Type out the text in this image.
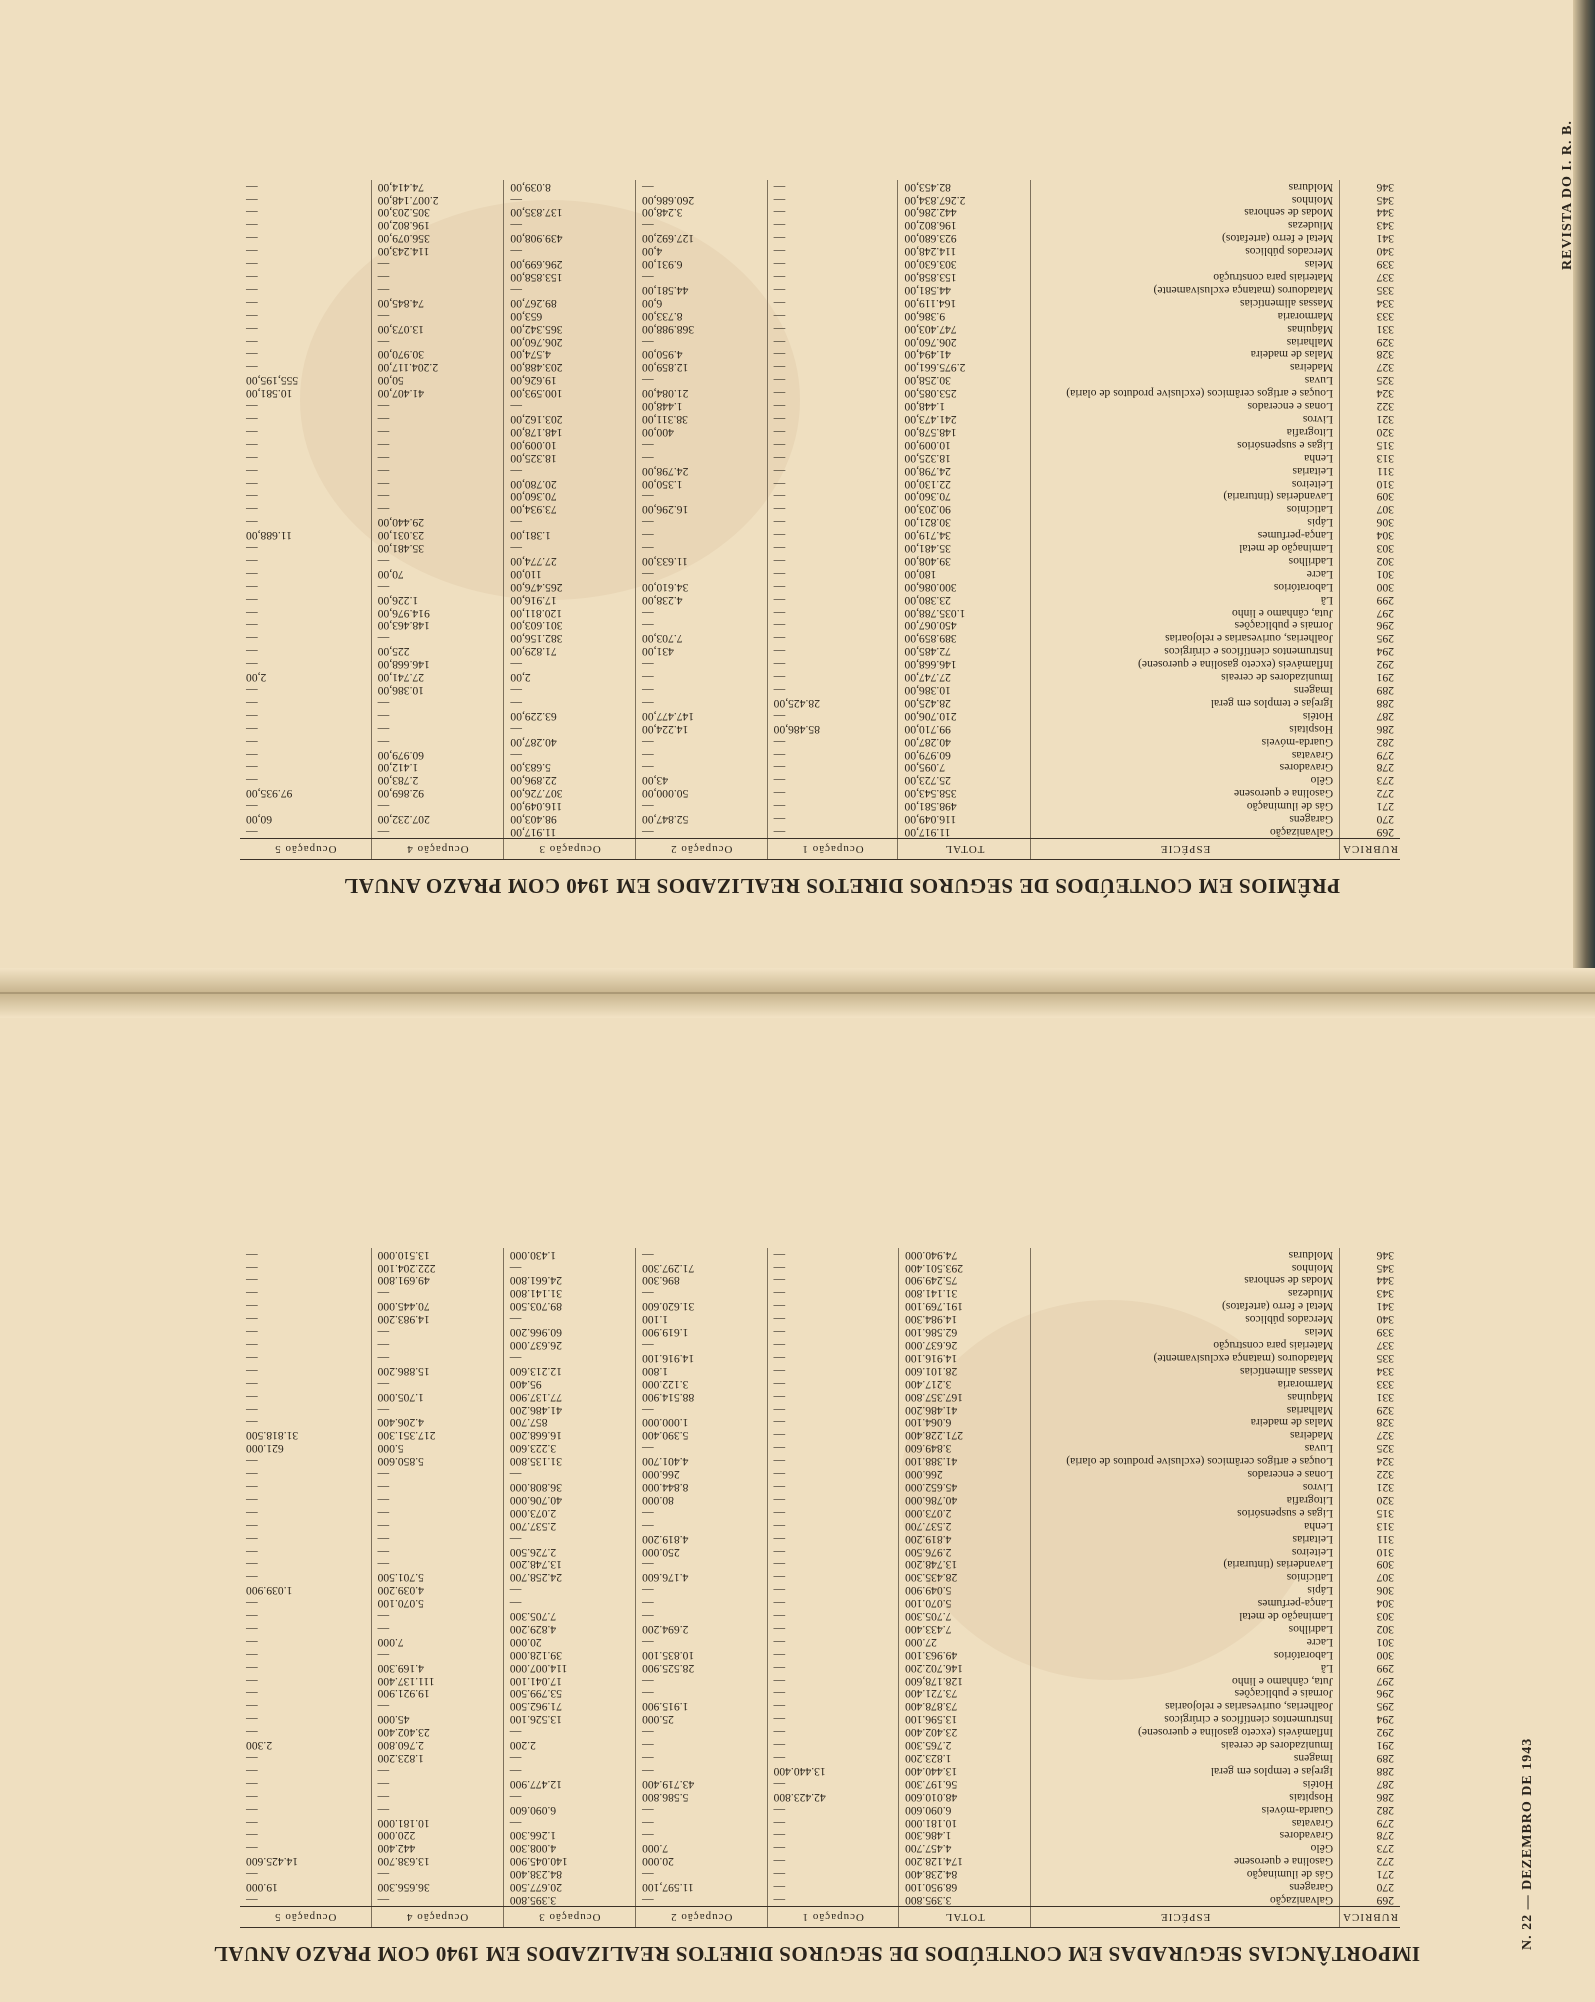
PRÊMIOS EM CONTEÚDOS DE SEGUROS DIRETOS REALIZADOS EM 1940 COM PRAZO ANUAL
RUBRICA	ESPÉCIE	TOTAL	Ocupação 1	Ocupação 2	Ocupação 3	Ocupação 4	Ocupação 5
269	Galvanização	11.917,00	—	—	11.917,00	—	—
270	Garagens	116.049,00	—	52.847,00	98.403,00	207.232,00	60,00
271	Gás de iluminação	498.581,00	—	—	116.049,00	—	—
272	Gasolina e querosene	358.543,00	—	50.000,00	307.726,00	92.869,00	97.935,00
273	Gêlo	25.723,00	—	43,00	22.896,00	2.783,00	—
278	Gravadores	7.095,00	—	—	5.683,00	1.412,00	—
279	Gravatas	60.979,00	—	—	—	60.979,00	—
282	Guarda-móveis	40.287,00	—	—	40.287,00	—	—
286	Hospitais	99.710,00	85.486,00	14.224,00	—	—	—
287	Hotéis	210.706,00	—	147.477,00	63.229,00	—	—
288	Igrejas e templos em geral	28.425,00	28.425,00	—	—	—	—
289	Imagens	10.386,00	—	—	—	10.386,00	—
291	Imunizadores de cereais	27.747,00	—	—	2,00	27.741,00	2,00
292	Inflamáveis (exceto gasolina e querosene)	146.668,00	—	—	—	146.668,00	—
294	Instrumentos científicos e cirúrgicos	72.485,00	—	431,00	71.829,00	225,00	—
295	Joalherias, ourivesarias e relojoarias	389.859,00	—	7.703,00	382.156,00	—	—
296	Jornais e publicações	450.067,00	—	—	301.603,00	148.463,00	—
297	Juta, cânhamo e linho	1.035.788,00	—	—	120.811,00	914.976,00	—
299	Lã	23.380,00	—	4.238,00	17.916,00	1.226,00	—
300	Laboratórios	300.086,00	—	34.610,00	265.476,00	—	—
301	Lacre	180,00	—	—	110,00	70,00	—
302	Ladrilhos	39.408,00	—	11.633,00	27.774,00	—	—
303	Laminação de metal	35.481,00	—	—	—	35.481,00	—
304	Lança-perfumes	34.719,00	—	—	1.381,00	23.031,00	11.688,00
306	Lápis	30.821,00	—	—	—	29.440,00	—
307	Laticínios	90.203,00	—	16.296,00	73.934,00	—	—
309	Lavanderias (tinturaria)	70.360,00	—	—	70.360,00	—	—
310	Leiteiros	22.130,00	—	1.350,00	20.780,00	—	—
311	Leitarias	24.798,00	—	24.798,00	—	—	—
313	Lenha	18.325,00	—	—	18.325,00	—	—
315	Ligas e suspensórios	10.009,00	—	—	10.009,00	—	—
320	Litografia	148.578,00	—	400,00	148.178,00	—	—
321	Livros	241.473,00	—	38.311,00	203.162,00	—	—
322	Lonas e encerados	1.448,00	—	1.448,00	—	—	—
324	Louças e artigos cerâmicos (exclusive produtos de olaria)	253.085,00	—	21.084,00	100.593,00	41.407,00	10.581,00
325	Luvas	30.258,00	—	—	19.626,00	50,00	555,195,00
327	Madeiras	2.975.661,00	—	12.859,00	203.488,00	2.204.117,00	—
328	Malas de madeira	41.494,00	—	4.950,00	4.574,00	30.970,00	—
329	Malharias	206.760,00	—	—	206.760,00	—	—
331	Máquinas	747.403,00	—	368.988,00	365.342,00	13.073,00	—
333	Marmoraria	9.386,00	—	8.733,00	653,00	—	—
334	Massas alimentícias	164.119,00	—	6,00	89.267,00	74.845,00	—
335	Matadouros (matança exclusivamente)	44.581,00	—	44.581,00	—	—	—
337	Materiais para construção	153.858,00	—	—	153.858,00	—	—
339	Meias	303.630,00	—	6.931,00	296.699,00	—	—
340	Mercados públicos	114.248,00	—	4,00	—	114.243,00	—
341	Metal e ferro (artefatos)	923.680,00	—	127.692,00	439.908,00	356.079,00	—
343	Miudezas	196.802,00	—	—	—	196.802,00	—
344	Modas de senhoras	442.286,00	—	3.248,00	137.835,00	305.203,00	—
345	Moinhos	2.267.834,00	—	260.686,00	—	2.007.148,00	—
346	Molduras	82.453,00	—	—	8.039,00	74.414,00	—	REVISTA DO I. R. B.
IMPORTÂNCIAS SEGURADAS EM CONTEÚDOS DE SEGUROS DIRETOS REALIZADOS EM 1940 COM PRAZO ANUAL
RUBRICA	ESPÉCIE	TOTAL	Ocupação 1	Ocupação 2	Ocupação 3	Ocupação 4	Ocupação 5
269	Galvanização	3.395.800	—	—	3.395.800	—	—
270	Garagens	68.950.100	—	11.597,100	20.677.500	36.656.300	19.000
271	Gás de iluminação	84.238.400	—	—	84.238.400	—	—
272	Gasolina e querosene	174.128.200	—	20.000	140.045.900	13.638.700	14.425.600
273	Gêlo	4.457.700	—	7.000	4.008.300	442.400	—
278	Gravadores	1.486.300	—	—	1.266.300	220.000	—
279	Gravatas	10.181.000	—	—	—	10.181.000	—
282	Guarda-móveis	6.090.600	—	—	6.090.600	—	—
286	Hospitais	48.010.600	42.423.800	5.586.800	—	—	—
287	Hotéis	56.197.300	—	43.719.400	12.477.900	—	—
288	Igrejas e templos em geral	13.440.400	13.440.400	—	—	—	—
289	Imagens	1.823.200	—	—	—	1.823.200	—
291	Imunizadores de cereais	2.765.300	—	—	2.200	2.760.800	2.300
292	Inflamáveis (exceto gasolina e querosene)	23.402.400	—	—	—	23.402.400	—
294	Instrumentos científicos e cirúrgicos	13.596.100	—	25.000	13.526.100	45.000	—
295	Joalherias, ourivesarias e relojoarias	73.878.400	—	1.915.900	71.962.500	—	—
296	Jornais e publicações	73.721.400	—	—	53.799.500	19.921.900	—
297	Juta, cânhamo e linho	128.178,600	—	—	17.041.100	111.137.400	—
299	Lã	146.702.200	—	28.525.900	114.007.000	4.169.300	—
300	Laboratórios	49.963.100	—	10.835.100	39.128.000	—	—
301	Lacre	27.000	—	—	20.000	7.000	—
302	Ladrilhos	7.433.400	—	2.694.200	4.829.200	—	—
303	Laminação de metal	7.705.300	—	—	7.705.300	—	—
304	Lança-perfumes	5.070.100	—	—	—	5.070.100	—
306	Lápis	5.049.900	—	—	—	4.039.200	1.039.900
307	Laticínios	28.435.300	—	4.176.600	24.258.700	5.701.500	—
309	Lavanderias (tinturaria)	13.748.200	—	—	13.748.200	—	—
310	Leiteiros	2.976.500	—	250.000	2.726.500	—	—
311	Leitarias	4.819.200	—	4.819.200	—	—	—
313	Lenha	2.537.700	—	—	2.537.700	—	—
315	Ligas e suspensórios	2.073.000	—	—	2.073.000	—	—
320	Litografia	40.786.000	—	80.000	40.706.000	—	—
321	Livros	45.652.000	—	8.844.000	36.808.000	—	—
322	Lonas e encerados	266.000	—	266.000	—	—	—
324	Louças e artigos cerâmicos (exclusive produtos de olaria)	41.388.100	—	4.401.700	31.135.800	5.850.600	—
325	Luvas	3.849.600	—	—	3.223.600	5.000	621.000
327	Madeiras	271.228.400	—	5.390.400	16.668.200	217.351.300	31.818.500
328	Malas de madeira	6.064.100	—	1.000.000	857.700	4.206.400	—
329	Malharias	41.486.200	—	—	41.486.200	—	—
331	Máquinas	167.357.800	—	88.514.900	77.137.900	1.705.000	—
333	Marmoraria	3.217.400	—	3.122.000	95.400	—	—
334	Massas alimentícias	28.101.600	—	1.800	12.213.600	15.886.200	—
335	Matadouros (matança exclusivamente)	14.916.100	—	14.916.100	—	—	—
337	Materiais para construção	26.637.000	—	—	26.637.000	—	—
339	Meias	62.586.100	—	1.619.900	60.966.200	—	—
340	Mercados públicos	14.984.300	—	1.100	—	14.983.200	—
341	Metal e ferro (artefatos)	191.769.100	—	31.620.600	89.703.500	70.445.000	—
343	Miudezas	31.141.800	—	—	31.141.800	—	—
344	Modas de senhoras	75.249.900	—	896.300	24.661.800	49.691.800	—
345	Moinhos	293.501.400	—	71.297.300	—	222.204.100	—
346	Molduras	74.940.000	—	—	1.430.000	13.510.000	—
N. 22 — DEZEMBRO DE 1943
